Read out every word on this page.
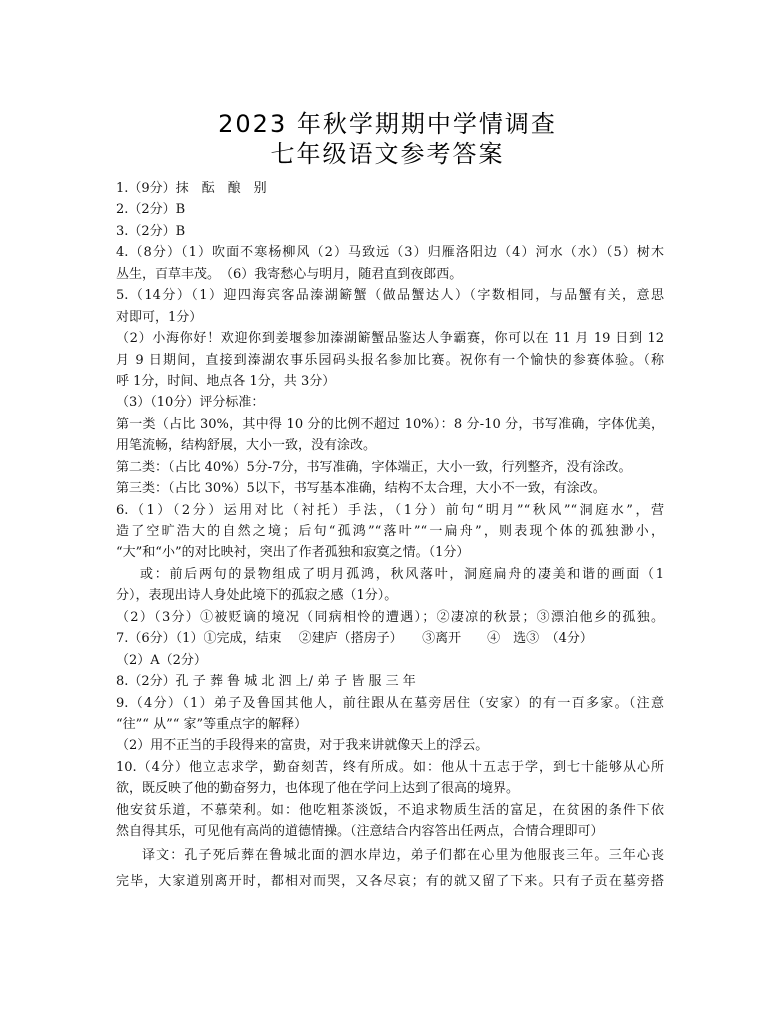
2023 年秋学期期中学情调查
七年级语文参考答案
1.（9分）抹　酝　酿　别
2.（2分）B
3.（2分）B
4.（8分）（1）吹面不寒杨柳风（2）马致远（3）归雁洛阳边（4）河水（水）（5）树木
丛生，百草丰茂。　（6）我寄愁心与明月，随君直到夜郎西。
5.（14分）（1）迎四海宾客品溱湖簖蟹（做品蟹达人）（字数相同，与品蟹有关，意思
对即可，1分）
（2）小海你好！欢迎你到姜堰参加溱湖簖蟹品鉴达人争霸赛，你可以在 11 月 19 日到 12
月 9 日期间，直接到溱湖农事乐园码头报名参加比赛。祝你有一个愉快的参赛体验。（称
呼 1分，时间、地点各 1分，共 3分）
（3）（10分）评分标准：
第一类（占比 30%，其中得 10 分的比例不超过 10%）：8 分-10 分，书写准确，字体优美，
用笔流畅，结构舒展，大小一致，没有涂改。
第二类：（占比 40%）5分-7分，书写准确，字体端正，大小一致，行列整齐，没有涂改。
第三类：（占比 30%）5以下，书写基本准确，结构不太合理，大小不一致，有涂改。
6.（1）（2分）运用对比（衬托）手法，（1分）前句“明月”“秋风”“洞庭水”，营
造了空旷浩大的自然之境；后句“孤鸿”“落叶”“一扁舟”，则表现个体的孤独渺小，
“大”和“小”的对比映衬，突出了作者孤独和寂寞之情。（1分）
或：前后两句的景物组成了明月孤鸿，秋风落叶，洞庭扁舟的凄美和谐的画面（1
分），表现出诗人身处此境下的孤寂之感（1分）。
（2）（3分）①被贬谪的境况（同病相怜的遭遇）；②凄凉的秋景；③漂泊他乡的孤独。
7.（6分）（1）①完成，结束　 ②建庐（搭房子）　　③离开　　④　选③　（4分）
（2）A（2分）
8.（2分）孔 子 葬 鲁 城 北 泗 上/ 弟 子 皆 服 三 年
9.（4分）（1）弟子及鲁国其他人，前往跟从在墓旁居住（安家）的有一百多家。（注意
“往”“ 从”“ 家”等重点字的解释）
（2）用不正当的手段得来的富贵，对于我来讲就像天上的浮云。
10.（4分）他立志求学，勤奋刻苦，终有所成。如：他从十五志于学，到七十能够从心所
欲，既反映了他的勤奋努力，也体现了他在学问上达到了很高的境界。
他安贫乐道，不慕荣利。如：他吃粗茶淡饭，不追求物质生活的富足，在贫困的条件下依
然自得其乐，可见他有高尚的道德情操。（注意结合内容答出任两点，合情合理即可）
译文：孔子死后葬在鲁城北面的泗水岸边，弟子们都在心里为他服丧三年。三年心丧
完毕，大家道别离开时，都相对而哭，又各尽哀；有的就又留了下来。只有子贡在墓旁搭
